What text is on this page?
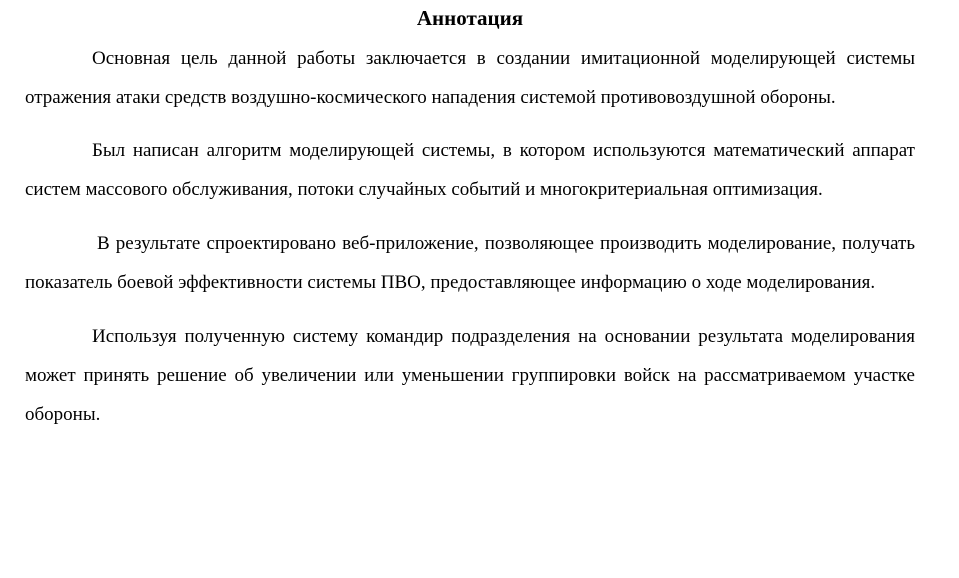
Аннотация

Основная цель данной работы заключается в создании имитационной моделирующей системы отражения атаки средств воздушно-космического нападения системой противовоздушной обороны.

Был написан алгоритм моделирующей системы, в котором используются математический аппарат систем массового обслуживания, потоки случайных событий и многокритериальная оптимизация.

В результате спроектировано веб-приложение, позволяющее производить моделирование, получать показатель боевой эффективности системы ПВО, предоставляющее информацию о ходе моделирования.

Используя полученную систему командир подразделения на основании результата моделирования может принять решение об увеличении или уменьшении группировки войск на рассматриваемом участке обороны.
